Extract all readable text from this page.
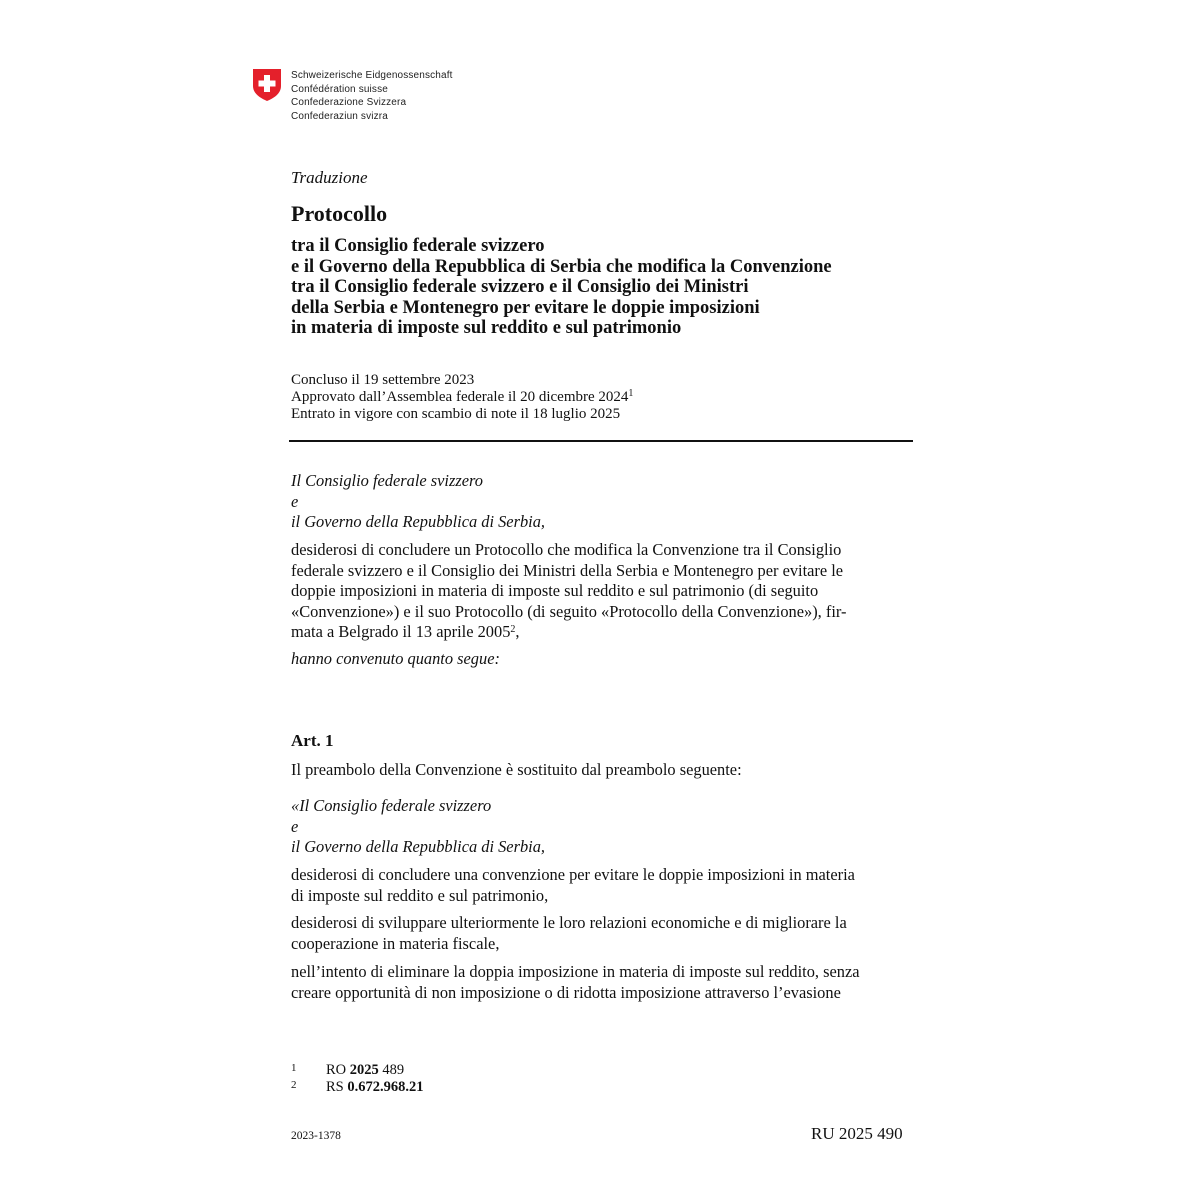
Schweizerische Eidgenossenschaft
Confédération suisse
Confederazione Svizzera
Confederaziun svizra
Traduzione
Protocollo
tra il Consiglio federale svizzero
e il Governo della Repubblica di Serbia che modifica la Convenzione
tra il Consiglio federale svizzero e il Consiglio dei Ministri
della Serbia e Montenegro per evitare le doppie imposizioni
in materia di imposte sul reddito e sul patrimonio
Concluso il 19 settembre 2023
Approvato dall’Assemblea federale il 20 dicembre 2024$^1$
Entrato in vigore con scambio di note il 18 luglio 2025
Il Consiglio federale svizzero
e
il Governo della Repubblica di Serbia,
desiderosi di concludere un Protocollo che modifica la Convenzione tra il Consiglio
federale svizzero e il Consiglio dei Ministri della Serbia e Montenegro per evitare le
doppie imposizioni in materia di imposte sul reddito e sul patrimonio (di seguito
«Convenzione») e il suo Protocollo (di seguito «Protocollo della Convenzione»), fir-
mata a Belgrado il 13 aprile 2005$^2$,
hanno convenuto quanto segue:
Art. 1
Il preambolo della Convenzione è sostituito dal preambolo seguente:
«Il Consiglio federale svizzero
e
il Governo della Repubblica di Serbia,
desiderosi di concludere una convenzione per evitare le doppie imposizioni in materia
di imposte sul reddito e sul patrimonio,
desiderosi di sviluppare ulteriormente le loro relazioni economiche e di migliorare la
cooperazione in materia fiscale,
nell’intento di eliminare la doppia imposizione in materia di imposte sul reddito, senza
creare opportunità di non imposizione o di ridotta imposizione attraverso l’evasione
1 RO 2025 489
2 RS 0.672.968.21
2023-1378	RU 2025 490
